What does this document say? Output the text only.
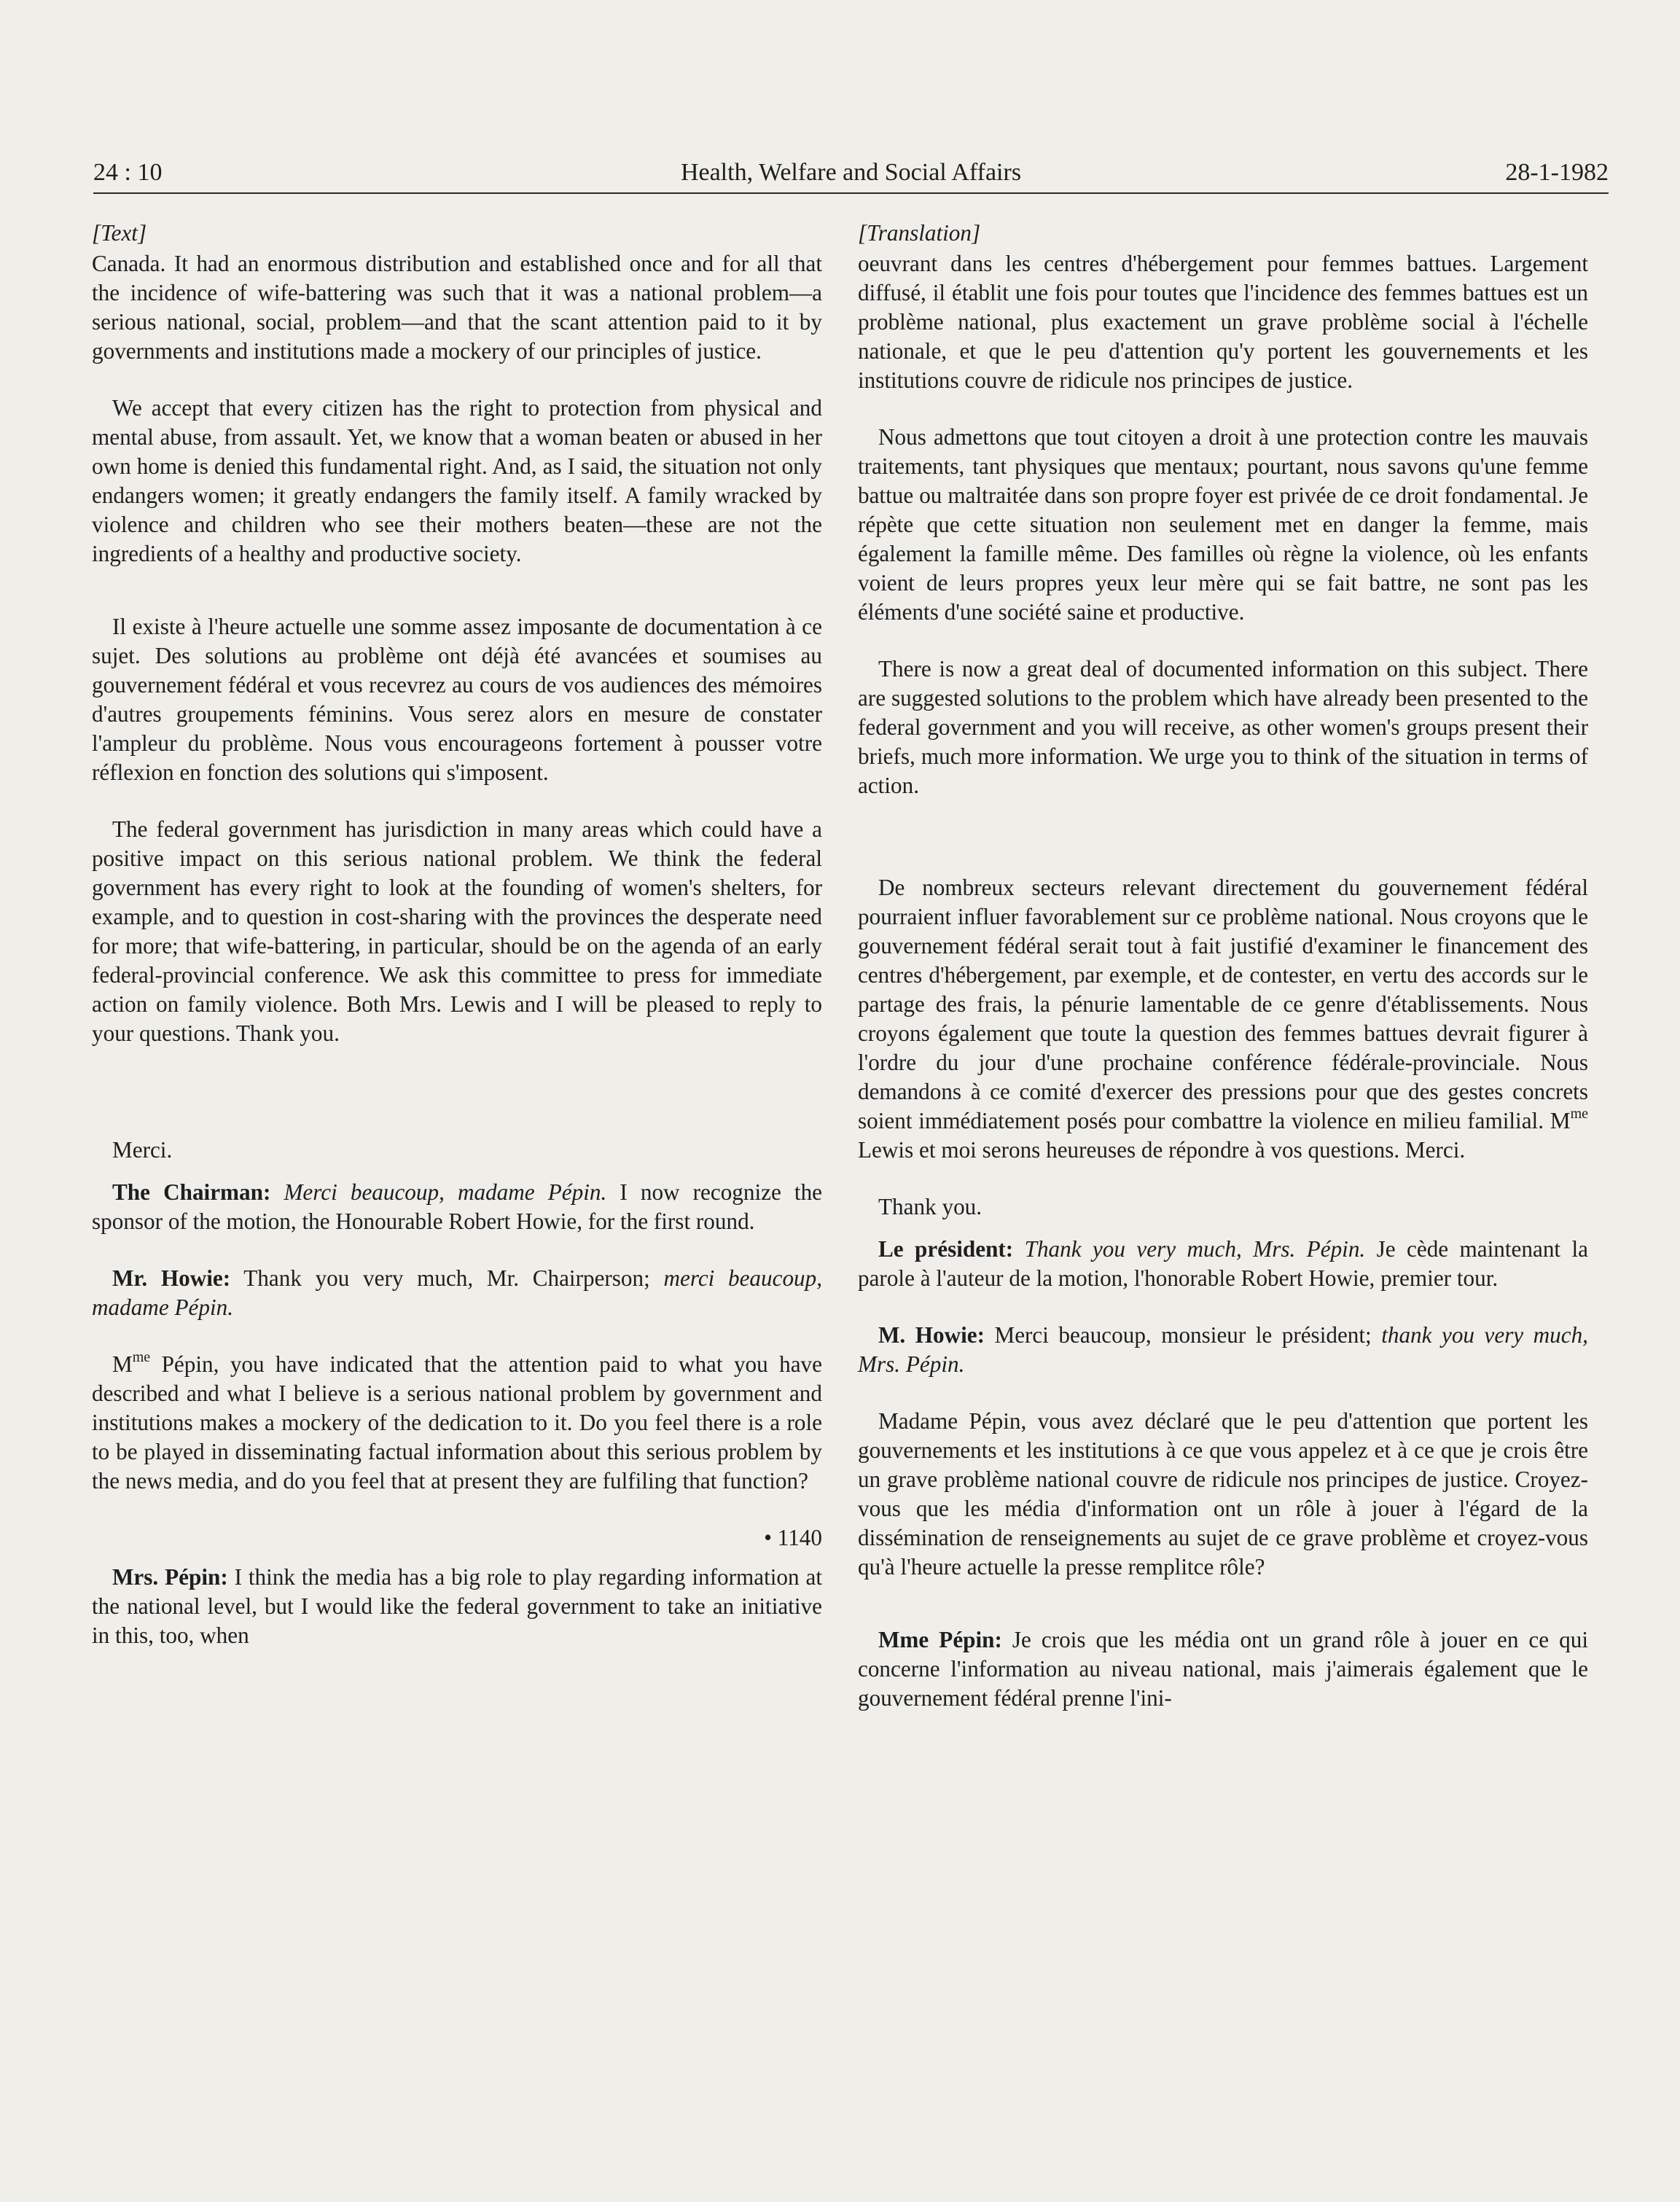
24 : 10	Health, Welfare and Social Affairs	28-1-1982
[Text]

Canada. It had an enormous distribution and established once and for all that the incidence of wife-battering was such that it was a national problem—a serious national, social, problem—and that the scant attention paid to it by governments and institutions made a mockery of our principles of justice.

We accept that every citizen has the right to protection from physical and mental abuse, from assault. Yet, we know that a woman beaten or abused in her own home is denied this fundamental right. And, as I said, the situation not only endangers women; it greatly endangers the family itself. A family wracked by violence and children who see their mothers beaten—these are not the ingredients of a healthy and productive society.

Il existe à l'heure actuelle une somme assez imposante de documentation à ce sujet. Des solutions au problème ont déjà été avancées et soumises au gouvernement fédéral et vous recevrez au cours de vos audiences des mémoires d'autres groupements féminins. Vous serez alors en mesure de constater l'ampleur du problème. Nous vous encourageons fortement à pousser votre réflexion en fonction des solutions qui s'imposent.

The federal government has jurisdiction in many areas which could have a positive impact on this serious national problem. We think the federal government has every right to look at the founding of women's shelters, for example, and to question in cost-sharing with the provinces the desperate need for more; that wife-battering, in particular, should be on the agenda of an early federal-provincial conference. We ask this committee to press for immediate action on family violence. Both Mrs. Lewis and I will be pleased to reply to your questions. Thank you.

Merci.

The Chairman: Merci beaucoup, madame Pépin. I now recognize the sponsor of the motion, the Honourable Robert Howie, for the first round.

Mr. Howie: Thank you very much, Mr. Chairperson; merci beaucoup, madame Pépin.

$M^{me}$ Pépin, you have indicated that the attention paid to what you have described and what I believe is a serious national problem by government and institutions makes a mockery of the dedication to it. Do you feel there is a role to be played in disseminating factual information about this serious problem by the news media, and do you feel that at present they are fulfiling that function?

• 1140

Mrs. Pépin: I think the media has a big role to play regarding information at the national level, but I would like the federal government to take an initiative in this, too, when

[Translation]

oeuvrant dans les centres d'hébergement pour femmes battues. Largement diffusé, il établit une fois pour toutes que l'incidence des femmes battues est un problème national, plus exactement un grave problème social à l'échelle nationale, et que le peu d'attention qu'y portent les gouvernements et les institutions couvre de ridicule nos principes de justice.

Nous admettons que tout citoyen a droit à une protection contre les mauvais traitements, tant physiques que mentaux; pourtant, nous savons qu'une femme battue ou maltraitée dans son propre foyer est privée de ce droit fondamental. Je répète que cette situation non seulement met en danger la femme, mais également la famille même. Des familles où règne la violence, où les enfants voient de leurs propres yeux leur mère qui se fait battre, ne sont pas les éléments d'une société saine et productive.

There is now a great deal of documented information on this subject. There are suggested solutions to the problem which have already been presented to the federal government and you will receive, as other women's groups present their briefs, much more information. We urge you to think of the situation in terms of action.

De nombreux secteurs relevant directement du gouvernement fédéral pourraient influer favorablement sur ce problème national. Nous croyons que le gouvernement fédéral serait tout à fait justifié d'examiner le financement des centres d'hébergement, par exemple, et de contester, en vertu des accords sur le partage des frais, la pénurie lamentable de ce genre d'établissements. Nous croyons également que toute la question des femmes battues devrait figurer à l'ordre du jour d'une prochaine conférence fédérale-provinciale. Nous demandons à ce comité d'exercer des pressions pour que des gestes concrets soient immédiatement posés pour combattre la violence en milieu familial. $M^{me}$ Lewis et moi serons heureuses de répondre à vos questions. Merci.

Thank you.

Le président: Thank you very much, Mrs. Pépin. Je cède maintenant la parole à l'auteur de la motion, l'honorable Robert Howie, premier tour.

M. Howie: Merci beaucoup, monsieur le président; thank you very much, Mrs. Pépin.

Madame Pépin, vous avez déclaré que le peu d'attention que portent les gouvernements et les institutions à ce que vous appelez et à ce que je crois être un grave problème national couvre de ridicule nos principes de justice. Croyez-vous que les média d'information ont un rôle à jouer à l'égard de la dissémination de renseignements au sujet de ce grave problème et croyez-vous qu'à l'heure actuelle la presse remplitce rôle?

Mme Pépin: Je crois que les média ont un grand rôle à jouer en ce qui concerne l'information au niveau national, mais j'aimerais également que le gouvernement fédéral prenne l'ini-
